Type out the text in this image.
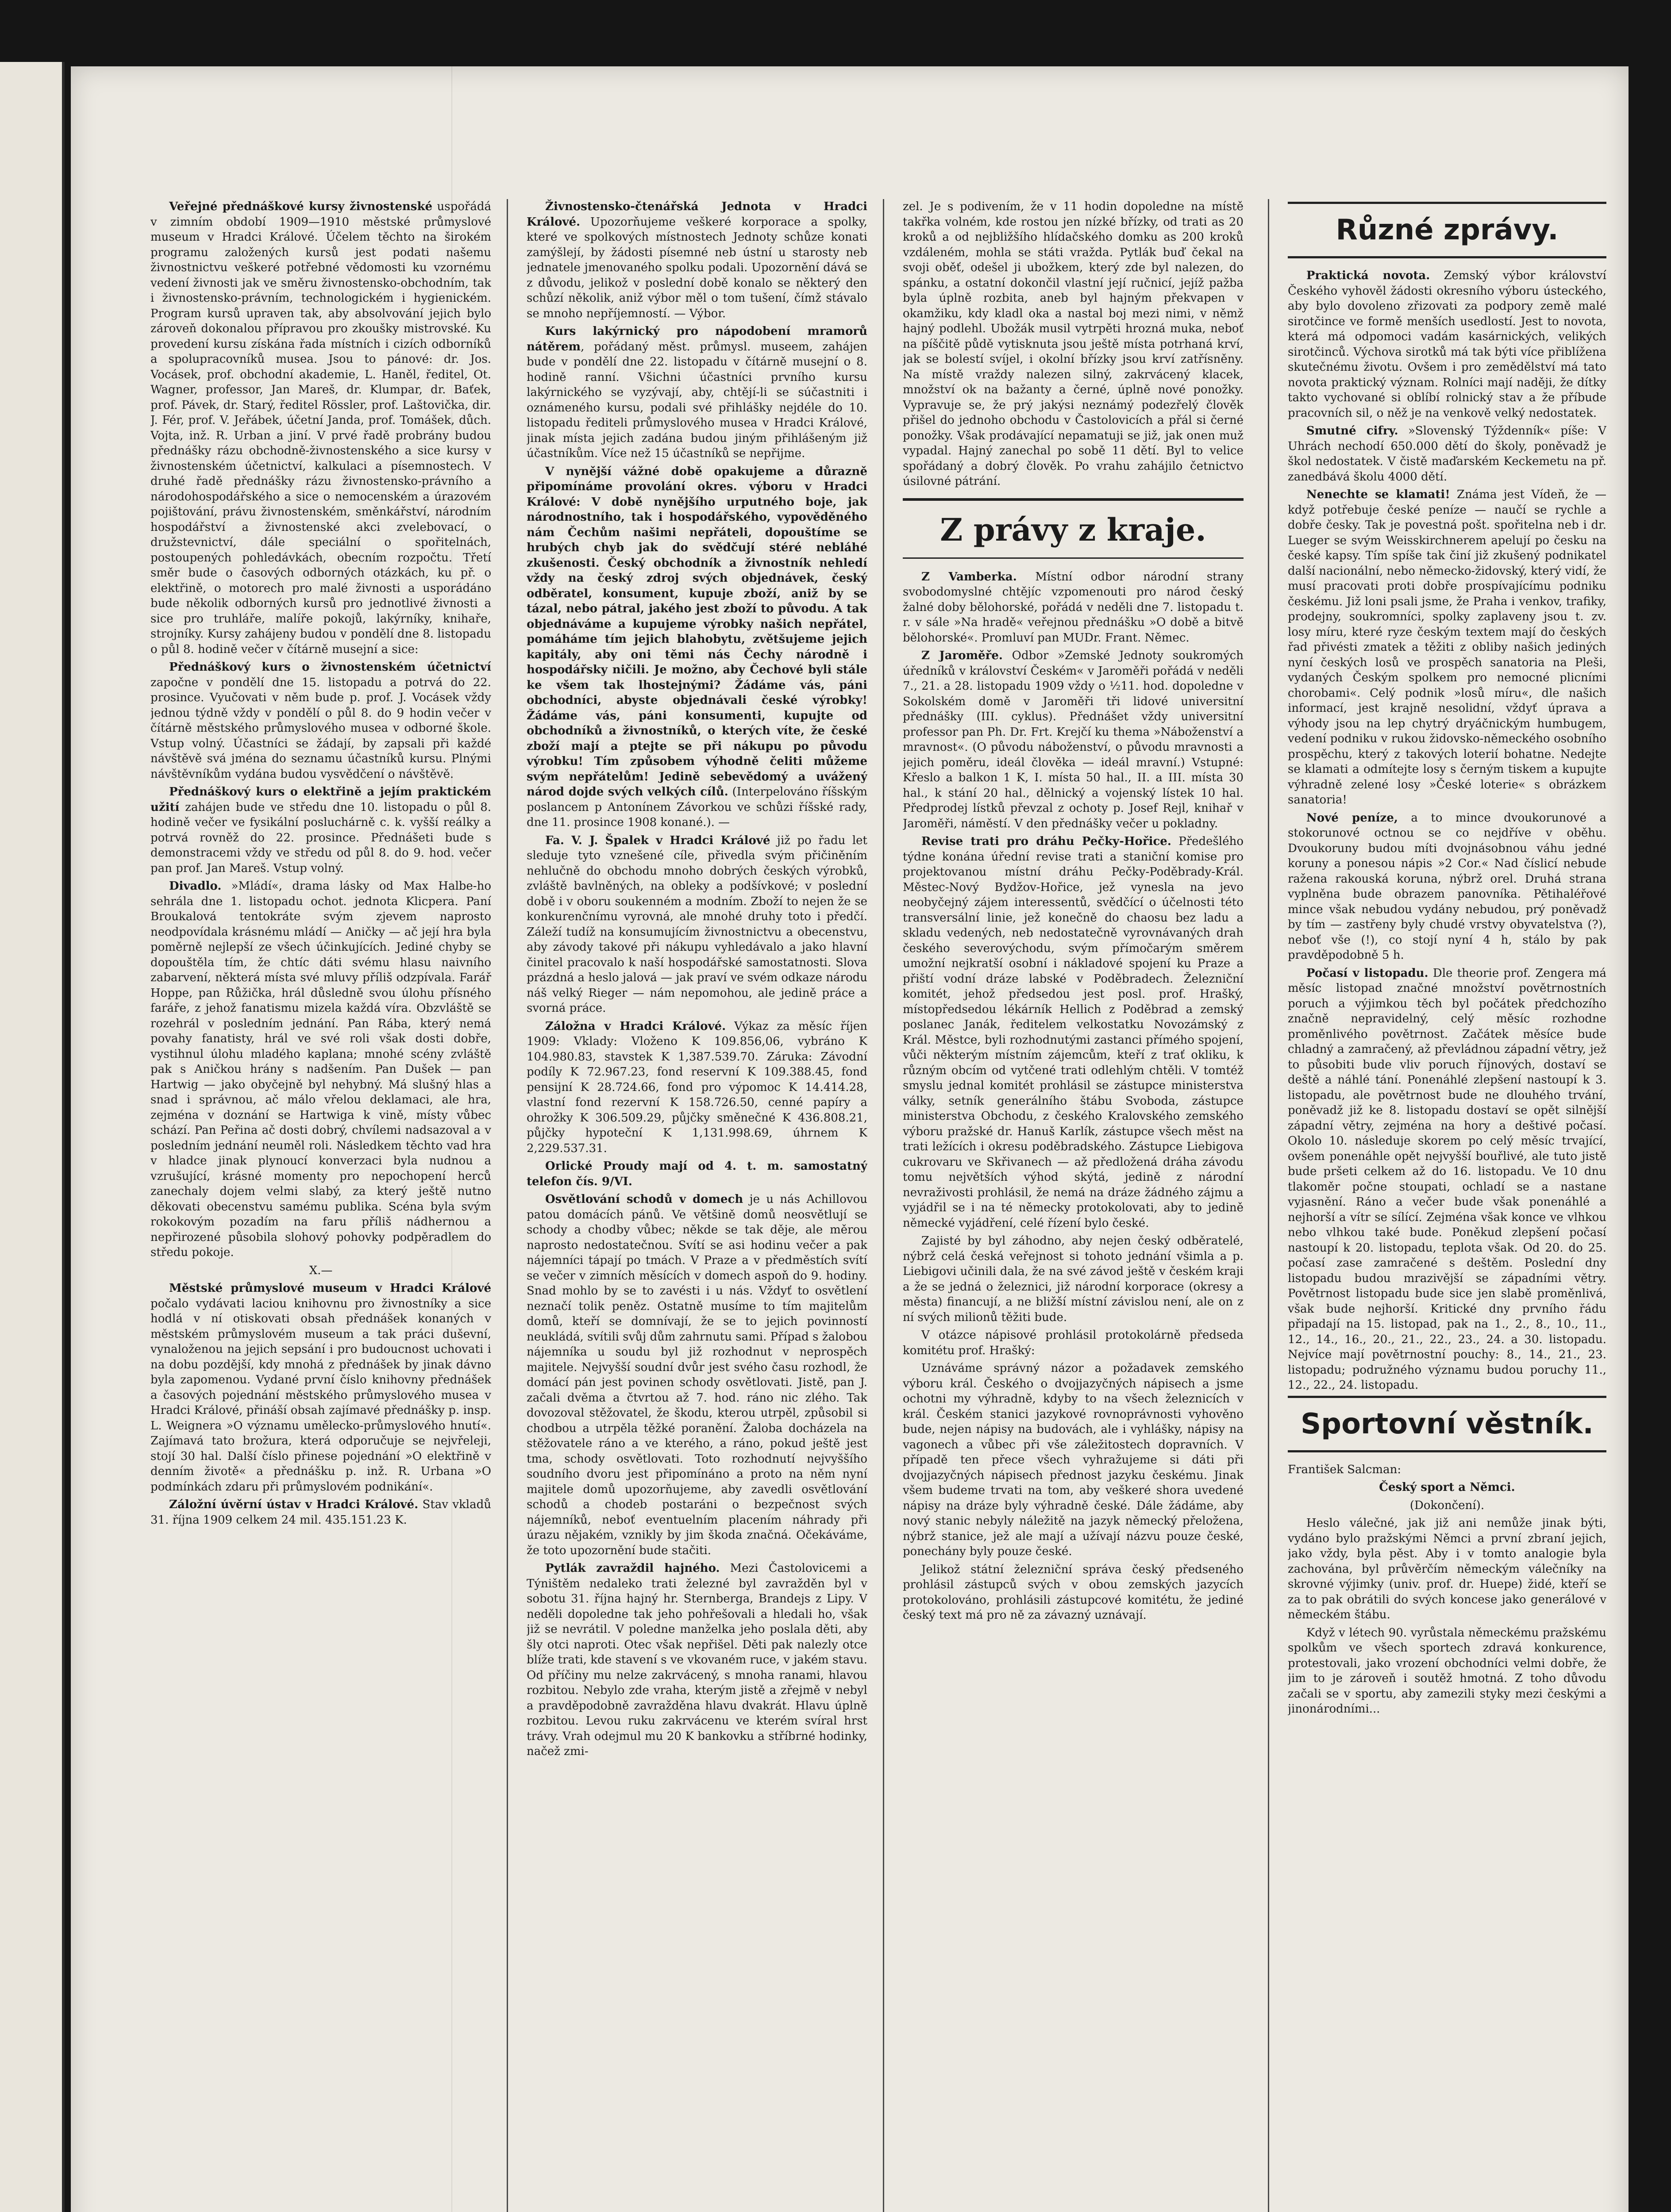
Veřejné přednáškové kursy živnostenské uspořádá v zimním období 1909—1910 městské průmyslové museum v Hradci Králové. Účelem těchto na širokém programu založených kursů jest podati našemu živnostnictvu veškeré potřebné vědomosti ku vzornému vedení živnosti jak ve směru živnostensko-obchodním, tak i živnostensko-právním, technologickém i hygienickém. Program kursů upraven tak, aby absolvování jejich bylo zároveň dokonalou přípravou pro zkoušky mistrovské. Ku provedení kursu získána řada místních i cizích odborníků a spolupracovníků musea. Jsou to pánové: dr. Jos. Vocásek, prof. obchodní akademie, L. Haněl, ředitel, Ot. Wagner, professor, Jan Mareš, dr. Klumpar, dr. Baťek, prof. Pávek, dr. Starý, ředitel Rössler, prof. Laštovička, dir. J. Fér, prof. V. Jeřábek, účetní Janda, prof. Tomášek, důch. Vojta, inž. R. Urban a jiní. V prvé řadě probrány budou přednášky rázu obchodně-živnostenského a sice kursy v živnostenském účetnictví, kalkulaci a písemnostech. V druhé řadě přednášky rázu živnostensko-právního a národohospodářského a sice o nemocenském a úrazovém pojištování, právu živnostenském, směnkářství, národním hospodářství a živnostenské akci zvelebovací, o družstevnictví, dále speciální o spořitelnách, postoupených pohledávkách, obecním rozpočtu. Třetí směr bude o časových odborných otázkách, ku př. o elektřině, o motorech pro malé živnosti a usporádáno bude několik odborných kursů pro jednotlivé živnosti a sice pro truhláře, malíře pokojů, lakýrníky, knihaře, strojníky. Kursy zahájeny budou v pondělí dne 8. listopadu o půl 8. hodině večer v čítárně musejní a sice:

Přednáškový kurs o živnostenském účetnictví započne v pondělí dne 15. listopadu a potrvá do 22. prosince. Vyučovati v něm bude p. prof. J. Vocásek vždy jednou týdně vždy v pondělí o půl 8. do 9 hodin večer v čítárně městského průmyslového musea v odborné škole. Vstup volný. Účastníci se žádají, by zapsali při každé návštěvě svá jména do seznamu účastníků kursu. Plnými návštěvníkům vydána budou vysvědčení o návštěvě.

Přednáškový kurs o elektřině a jejím praktickém užití zahájen bude ve středu dne 10. listopadu o půl 8. hodině večer ve fysikální posluchárně c. k. vyšší reálky a potrvá rovněž do 22. prosince. Přednášeti bude s demonstracemi vždy ve středu od půl 8. do 9. hod. večer pan prof. Jan Mareš. Vstup volný.

Divadlo. »Mládí«, drama lásky od Max Halbe-ho sehrála dne 1. listopadu ochot. jednota Klicpera. Paní Broukalová tentokráte svým zjevem naprosto neodpovídala krásnému mládí — Aničky — ač její hra byla poměrně nejlepší ze všech účinkujících. Jediné chyby se dopouštěla tím, že chtíc dáti svému hlasu naivního zabarvení, některá místa své mluvy příliš odzpívala. Farář Hoppe, pan Růžička, hrál důsledně svou úlohu přísného faráře, z jehož fanatismu mizela každá víra. Obzvláště se rozehrál v posledním jednání. Pan Rába, který nemá povahy fanatisty, hrál ve své roli však dosti dobře, vystihnul úlohu mladého kaplana; mnohé scény zvláště pak s Aničkou hrány s nadšením. Pan Dušek — pan Hartwig — jako obyčejně byl nehybný. Má slušný hlas a snad i správnou, ač málo vřelou deklamaci, ale hra, zejména v doznání se Hartwiga k vině, místy vůbec schází. Pan Peřina ač dosti dobrý, chvílemi nadsazoval a v posledním jednání neuměl roli. Následkem těchto vad hra v hladce jinak plynoucí konverzaci byla nudnou a vzrušující, krásné momenty pro nepochopení herců zanechaly dojem velmi slabý, za který ještě nutno děkovati obecenstvu samému publika. Scéna byla svým rokokovým pozadím na faru příliš nádhernou a nepřirozené působila slohový pohovky podpěradlem do středu pokoje.

X.—

Městské průmyslové museum v Hradci Králové počalo vydávati laciou knihovnu pro živnostníky a sice hodlá v ní otiskovati obsah přednášek konaných v městském průmyslovém museum a tak práci duševní, vynaloženou na jejich sepsání i pro budoucnost uchovati i na dobu pozdější, kdy mnohá z přednášek by jinak dávno byla zapomenou. Vydané první číslo knihovny přednášek a časových pojednání městského průmyslového musea v Hradci Králové, přináší obsah zajímavé přednášky p. insp. L. Weignera »O významu umělecko-průmyslového hnutí«. Zajímavá tato brožura, která odporučuje se nejvřeleji, stojí 30 hal. Další číslo přinese pojednání »O elektřině v denním životě« a přednášku p. inž. R. Urbana »O podmínkách zdaru při průmyslovém podnikání«.

Záložní úvěrní ústav v Hradci Králové. Stav vkladů 31. října 1909 celkem 24 mil. 435.151.23 K.

Živnostensko-čtenářská Jednota v Hradci Králové. Upozorňujeme veškeré korporace a spolky, které ve spolkových místnostech Jednoty schůze konati zamýšlejí, by žádosti písemné neb ústní u starosty neb jednatele jmenovaného spolku podali. Upozornění dává se z důvodu, jelikož v poslední době konalo se některý den schůzí několik, aniž výbor měl o tom tušení, čímž stávalo se mnoho nepříjemností. — Výbor.

Kurs lakýrnický pro nápodobení mramorů nátěrem, pořádaný měst. průmysl. museem, zahájen bude v pondělí dne 22. listopadu v čítárně musejní o 8. hodině ranní. Všichni účastníci prvního kursu lakýrnického se vyzývají, aby, chtějí-li se súčastniti i oznámeného kursu, podali své přihlášky nejdéle do 10. listopadu řediteli průmyslového musea v Hradci Králové, jinak místa jejich zadána budou jiným přihlášeným již účastníkům. Více než 15 účastníků se nepřijme.

V nynější vážné době opakujeme a důrazně připomínáme provolání okres. výboru v Hradci Králové: V době nynějšího urputného boje, jak národnostního, tak i hospodářského, vypověděného nám Čechům našimi nepřáteli, dopouštíme se hrubých chyb jak do svědčují stéré nebláhé zkušenosti. Český obchodník a živnostník nehledí vždy na český zdroj svých objednávek, český odběratel, konsument, kupuje zboží, aniž by se tázal, nebo pátral, jakého jest zboží to původu. A tak objednáváme a kupujeme výrobky našich nepřátel, pomáháme tím jejich blahobytu, zvětšujeme jejich kapitály, aby oni těmi nás Čechy národně i hospodářsky ničili. Je možno, aby Čechové byli stále ke všem tak lhostejnými? Žádáme vás, páni obchodníci, abyste objednávali české výrobky! Žádáme vás, páni konsumenti, kupujte od obchodníků a živnostníků, o kterých víte, že české zboží mají a ptejte se při nákupu po původu výrobku! Tím způsobem výhodně čeliti můžeme svým nepřátelům! Jedině sebevědomý a uvážený národ dojde svých velkých cílů. (Interpelováno říšským poslancem p Antonínem Závorkou ve schůzi říšské rady, dne 11. prosince 1908 konané.). —

Fa. V. J. Špalek v Hradci Králové již po řadu let sleduje tyto vznešené cíle, přivedla svým přičiněním nehlučně do obchodu mnoho dobrých českých výrobků, zvláště bavlněných, na obleky a podšívkové; v poslední době i v oboru soukenném a modním. Zboží to nejen že se konkurenčnímu vyrovná, ale mnohé druhy toto i předčí. Záleží tudíž na konsumujícím živnostnictvu a obecenstvu, aby závody takové při nákupu vyhledávalo a jako hlavní činitel pracovalo k naší hospodářské samostatnosti. Slova prázdná a heslo jalová — jak praví ve svém odkaze národu náš velký Rieger — nám nepomohou, ale jedině práce a svorná práce.

Záložna v Hradci Králové. Výkaz za měsíc říjen 1909: Vklady: Vloženo K 109.856,06, vybráno K 104.980.83, stavstek K 1,387.539.70. Záruka: Závodní podíly K 72.967.23, fond reservní K 109.388.45, fond pensijní K 28.724.66, fond pro výpomoc K 14.414.28, vlastní fond rezervní K 158.726.50, cenné papíry a ohrožky K 306.509.29, půjčky směnečné K 436.808.21, půjčky hypoteční K 1,131.998.69, úhrnem K 2,229.537.31.

Orlické Proudy mají od 4. t. m. samostatný telefon čís. 9/VI.

Osvětlování schodů v domech je u nás Achillovou patou domácích pánů. Ve většině domů neosvětlují se schody a chodby vůbec; někde se tak děje, ale měrou naprosto nedostatečnou. Svítí se asi hodinu večer a pak nájemníci tápají po tmách. V Praze a v předměstích svítí se večer v zimních měsících v domech aspoň do 9. hodiny. Snad mohlo by se to zavésti i u nás. Vždyť to osvětlení neznačí tolik peněz. Ostatně musíme to tím majitelům domů, kteří se domnívají, že se to jejich povinností neukládá, svítili svůj dům zahrnutu sami. Případ s žalobou nájemníka u soudu byl již rozhodnut v neprospěch majitele. Nejvyšší soudní dvůr jest svého času rozhodl, že domácí pán jest povinen schody osvětlovati. Jistě, pan J. začali dvěma a čtvrtou až 7. hod. ráno nic zlého. Tak dovozoval stěžovatel, že škodu, kterou utrpěl, způsobil si chodbou a utrpěla těžké poranění. Žaloba docházela na stěžovatele ráno a ve kterého, a ráno, pokud ještě jest tma, schody osvětlovati. Toto rozhodnutí nejvyššího soudního dvoru jest připomínáno a proto na něm nyní majitele domů upozorňujeme, aby zavedli osvětlování schodů a chodeb postaráni o bezpečnost svých nájemníků, neboť eventuelním placením náhrady při úrazu nějakém, vznikly by jim škoda značná. Očekáváme, že toto upozornění bude stačiti.

Pytlák zavraždil hajného. Mezi Častolovicemi a Týništěm nedaleko trati železné byl zavražděn byl v sobotu 31. října hajný hr. Sternberga, Brandejs z Lipy. V neděli dopoledne tak jeho pohřešovali a hledali ho, však již se nevrátil. V poledne manželka jeho poslala děti, aby šly otci naproti. Otec však nepřišel. Děti pak nalezly otce blíže trati, kde stavení s ve vkovaném ruce, v jakém stavu. Od příčiny mu nelze zakrvácený, s mnoha ranami, hlavou rozbitou. Nebylo zde vraha, kterým jistě a zřejmě v nebyl a pravděpodobně zavražděna hlavu dvakrát. Hlavu úplně rozbitou. Levou ruku zakrvácenu ve kterém svíral hrst trávy. Vrah odejmul mu 20 K bankovku a stříbrné hodinky, načež zmi-

zel. Je s podivením, že v 11 hodin dopoledne na místě takřka volném, kde rostou jen nízké břízky, od trati as 20 kroků a od nejbližšího hlídačského domku as 200 kroků vzdáleném, mohla se státi vražda. Pytlák buď čekal na svoji oběť, odešel ji ubožkem, který zde byl nalezen, do spánku, a ostatní dokončil vlastní její ručnicí, jejíž pažba byla úplně rozbita, aneb byl hajným překvapen v okamžiku, kdy kladl oka a nastal boj mezi nimi, v němž hajný podlehl. Ubožák musil vytrpěti hrozná muka, neboť na píščitě půdě vytisknuta jsou ještě místa potrhaná krví, jak se bolestí svíjel, i okolní břízky jsou krví zatřísněny. Na místě vraždy nalezen silný, zakrvácený klacek, množství ok na bažanty a černé, úplně nové ponožky. Vypravuje se, že prý jakýsi neznámý podezřelý člověk přišel do jednoho obchodu v Častolovicích a přál si černé ponožky. Však prodávající nepamatuji se již, jak onen muž vypadal. Hajný zanechal po sobě 11 dětí. Byl to velice spořádaný a dobrý člověk. Po vrahu zahájilo četnictvo úsilovné pátrání.

Z právy z kraje.

Z Vamberka. Místní odbor národní strany svobodomyslné chtějíc vzpomenouti pro národ český žalné doby bělohorské, pořádá v neděli dne 7. listopadu t. r. v sále »Na hradě« veřejnou přednášku »O době a bitvě bělohorské«. Promluví pan MUDr. Frant. Němec.

Z Jaroměře. Odbor »Zemské Jednoty soukromých úředníků v království Českém« v Jaroměři pořádá v neděli 7., 21. a 28. listopadu 1909 vždy o ½11. hod. dopoledne v Sokolském domě v Jaroměři tři lidové universitní přednášky (III. cyklus). Přednášet vždy universitní professor pan Ph. Dr. Frt. Krejčí ku thema »Náboženství a mravnost«. (O původu náboženství, o původu mravnosti a jejich poměru, ideál člověka — ideál mravní.) Vstupné: Křeslo a balkon 1 K, I. místa 50 hal., II. a III. místa 30 hal., k stání 20 hal., dělnický a vojenský lístek 10 hal. Předprodej lístků převzal z ochoty p. Josef Rejl, knihař v Jaroměři, náměstí. V den přednášky večer u pokladny.

Revise trati pro dráhu Pečky-Hořice. Předešlého týdne konána úřední revise trati a staniční komise pro projektovanou místní dráhu Pečky-Poděbrady-Král. Městec-Nový Bydžov-Hořice, jež vynesla na jevo neobyčejný zájem interessentů, svědčící o účelnosti této transversální linie, jež konečně do chaosu bez ladu a skladu vedených, neb nedostatečně vyrovnávaných drah českého severovýchodu, svým přímočarým směrem umožní nejkratší osobní i nákladové spojení ku Praze a přiští vodní dráze labské v Poděbradech. Železniční komitét, jehož předsedou jest posl. prof. Hrašký, místopředsedou lékárník Hellich z Poděbrad a zemský poslanec Janák, ředitelem velkostatku Novozámský z Král. Městce, byli rozhodnutými zastanci přímého spojení, vůči některým místním zájemcům, kteří z trať okliku, k různým obcím od vytčené trati odlehlým chtěli. V tomtéž smyslu jednal komitét prohlásil se zástupce ministerstva války, setník generálního štábu Svoboda, zástupce ministerstva Obchodu, z českého Kralovského zemského výboru pražské dr. Hanuš Karlík, zástupce všech měst na trati ležících i okresu poděbradského. Zástupce Liebigova cukrovaru ve Skřivanech — až předložená dráha závodu tomu největších výhod skýtá, jedině z národní nevraživosti prohlásil, že nemá na dráze žádného zájmu a vyjádřil se i na té německy protokolovati, aby to jedině německé vyjádření, celé řízení bylo české.

Zajisté by byl záhodno, aby nejen český odběratelé, nýbrž celá česká veřejnost si tohoto jednání všimla a p. Liebigovi učinili dala, že na své závod ještě v českém kraji a že se jedná o železnici, již národní korporace (okresy a města) financují, a ne bližší místní závislou není, ale on z ní svých milionů těžiti bude.

V otázce nápisové prohlásil protokolárně předseda komitétu prof. Hrašký:

Uznáváme správný názor a požadavek zemského výboru král. Českého o dvojjazyčných nápisech a jsme ochotni my výhradně, kdyby to na všech železnicích v král. Českém stanici jazykové rovnoprávnosti vyhověno bude, nejen nápisy na budovách, ale i vyhlášky, nápisy na vagonech a vůbec při vše záležitostech dopravních. V případě ten přece všech vyhražujeme si dáti při dvojjazyčných nápisech přednost jazyku českému. Jinak všem budeme trvati na tom, aby veškeré shora uvedené nápisy na dráze byly výhradně české. Dále žádáme, aby nový stanic nebyly náležitě na jazyk německý přeložena, nýbrž stanice, jež ale mají a užívají názvu pouze české, ponechány byly pouze české.

Jelikož státní železniční správa český předseného prohlásil zástupců svých v obou zemských jazycích protokolováno, prohlásili zástupcové komitétu, že jediné český text má pro ně za závazný uznávají.

Různé zprávy.

Praktická novota. Zemský výbor království Českého vyhověl žádosti okresního výboru ústeckého, aby bylo dovoleno zřizovati za podpory země malé sirotčince ve formě menších usedlostí. Jest to novota, která má odpomoci vadám kasárnických, velikých sirotčinců. Výchova sirotků má tak býti více přiblížena skutečnému životu. Ovšem i pro zemědělství má tato novota praktický význam. Rolníci mají naději, že dítky takto vychované si oblíbí rolnický stav a že příbude pracovních sil, o něž je na venkově velký nedostatek.

Smutné cifry. »Slovenský Týždenník« píše: V Uhrách nechodí 650.000 dětí do školy, poněvadž je škol nedostatek. V čistě maďarském Keckemetu na př. zanedbává školu 4000 dětí.

Nenechte se klamati! Známa jest Vídeň, že — když potřebuje české peníze — naučí se rychle a dobře česky. Tak je povestná pošt. spořitelna neb i dr. Lueger se svým Weisskirchnerem apelují po česku na české kapsy. Tím spíše tak činí již zkušený podnikatel další nacionální, nebo německo-židovský, který vidí, že musí pracovati proti dobře prospívajícímu podniku českému. Již loni psali jsme, že Praha i venkov, trafiky, prodejny, soukromníci, spolky zaplaveny jsou t. zv. losy míru, které ryze českým textem mají do českých řad přivésti zmatek a těžiti z obliby našich jediných nyní českých losů ve prospěch sanatoria na Pleši, vydaných Českým spolkem pro nemocné plicními chorobami«. Celý podnik »losů míru«, dle našich informací, jest krajně nesolidní, vždyť úprava a výhody jsou na lep chytrý dryáčnickým humbugem, vedení podniku v rukou židovsko-německého osobního prospěchu, který z takových loterií bohatne. Nedejte se klamati a odmítejte losy s černým tiskem a kupujte výhradně zelené losy »České loterie« s obrázkem sanatoria!

Nové peníze, a to mince dvoukorunové a stokorunové octnou se co nejdříve v oběhu. Dvoukoruny budou míti dvojnásobnou váhu jedné koruny a ponesou nápis »2 Cor.« Nad číslicí nebude ražena rakouská koruna, nýbrž orel. Druhá strana vyplněna bude obrazem panovníka. Pětihaléřové mince však nebudou vydány nebudou, prý poněvadž by tím — zastřeny byly chudé vrstvy obyvatelstva (?), neboť vše (!), co stojí nyní 4 h, stálo by pak pravděpodobně 5 h.

Počasí v listopadu. Dle theorie prof. Zengera má měsíc listopad značné množství povětrnostních poruch a výjimkou těch byl počátek předchozího značně nepravidelný, celý měsíc rozhodne proměnlivého povětrnost. Začátek měsíce bude chladný a zamračený, až převládnou západní větry, jež to působiti bude vliv poruch říjnových, dostaví se deště a náhlé tání. Ponenáhlé zlepšení nastoupí k 3. listopadu, ale povětrnost bude ne dlouhého trvání, poněvadž již ke 8. listopadu dostaví se opět silnější západní větry, zejména na hory a deštivé počasí. Okolo 10. následuje skorem po celý měsíc trvající, ovšem ponenáhle opět nejvyšší bouřlivé, ale tuto jistě bude pršeti celkem až do 16. listopadu. Ve 10 dnu tlakoměr počne stoupati, ochladí se a nastane vyjasnění. Ráno a večer bude však ponenáhlé a nejhorší a vítr se sílící. Zejména však konce ve vlhkou nebo vlhkou také bude. Poněkud zlepšení počasí nastoupí k 20. listopadu, teplota však. Od 20. do 25. počasí zase zamračené s deštěm. Poslední dny listopadu budou mrazivější se západními větry. Povětrnost listopadu bude sice jen slabě proměnlivá, však bude nejhorší. Kritické dny prvního řádu připadají na 15. listopad, pak na 1., 2., 8., 10., 11., 12., 14., 16., 20., 21., 22., 23., 24. a 30. listopadu. Nejvíce mají povětrnostní pouchy: 8., 14., 21., 23. listopadu; podružného významu budou poruchy 11., 12., 22., 24. listopadu.

Sportovní věstník.

František Salcman:

Český sport a Němci.

(Dokončení).

Heslo válečné, jak již ani nemůže jinak býti, vydáno bylo pražskými Němci a první zbraní jejich, jako vždy, byla pěst. Aby i v tomto analogie byla zachována, byl průvěrčím německým válečníky na skrovné výjimky (univ. prof. dr. Huepe) židé, kteří se za to pak obrátili do svých koncese jako generálové v německém štábu.

Když v létech 90. vyrůstala německému pražskému spolkům ve všech sportech zdravá konkurence, protestovali, jako vrození obchodníci velmi dobře, že jim to je zároveň i soutěž hmotná. Z toho důvodu začali se v sportu, aby zamezili styky mezi českými a jinonárodními...
